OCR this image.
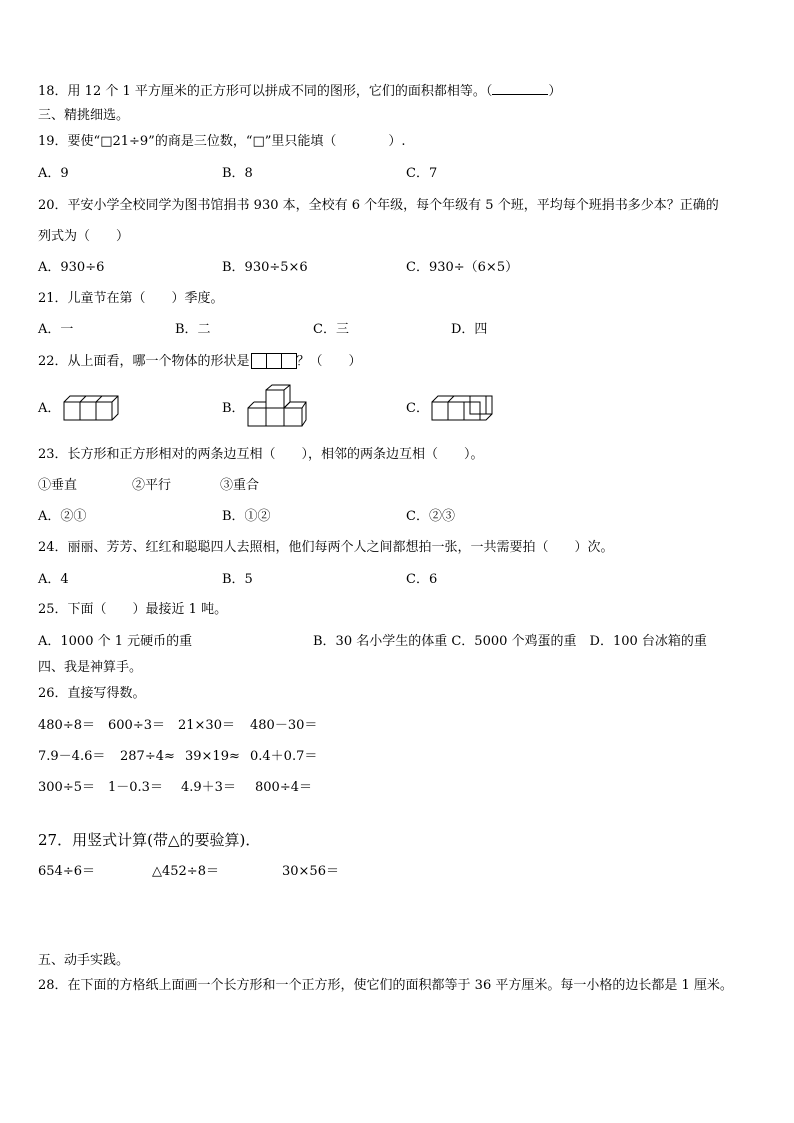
18．用 12 个 1 平方厘米的正方形可以拼成不同的图形，它们的面积都相等。（	）
三、精挑细选。
19．要使“□21÷9”的商是三位数，“□”里只能填（　　　　）.
A．9	B．8	C．7
20．平安小学全校同学为图书馆捐书 930 本，全校有 6 个年级，每个年级有 5 个班，平均每个班捐书多少本？正确的
列式为（　　）
A．930÷6	B．930÷5×6	C．930÷（6×5）
21．儿童节在第（　　）季度。
A．一	B．二	C．三	D．四
22．从上面看，哪一个物体的形状是	？（　　）
A．	B．	C．
23．长方形和正方形相对的两条边互相（　　），相邻的两条边互相（　　）。
①垂直	②平行	③重合
A．②①	B．①②	C．②③
24．丽丽、芳芳、红红和聪聪四人去照相，他们每两个人之间都想拍一张，一共需要拍（　　）次。
A．4	B．5	C．6
25．下面（　　）最接近 1 吨。
A．1000 个 1 元硬币的重	B．30 名小学生的体重 C．5000 个鸡蛋的重　D．100 台冰箱的重
四、我是神算手。
26．直接写得数。
480÷8＝ 600÷3＝ 21×30＝ 480－30＝
7.9－4.6＝ 287÷4≈ 39×19≈ 0.4＋0.7＝
300÷5＝ 1－0.3＝ 4.9＋3＝ 800÷4＝
27．用竖式计算(带△的要验算)．
654÷6＝	△452÷8＝	30×56＝
五、动手实践。
28．在下面的方格纸上面画一个长方形和一个正方形，使它们的面积都等于 36 平方厘米。每一小格的边长都是 1 厘米。
